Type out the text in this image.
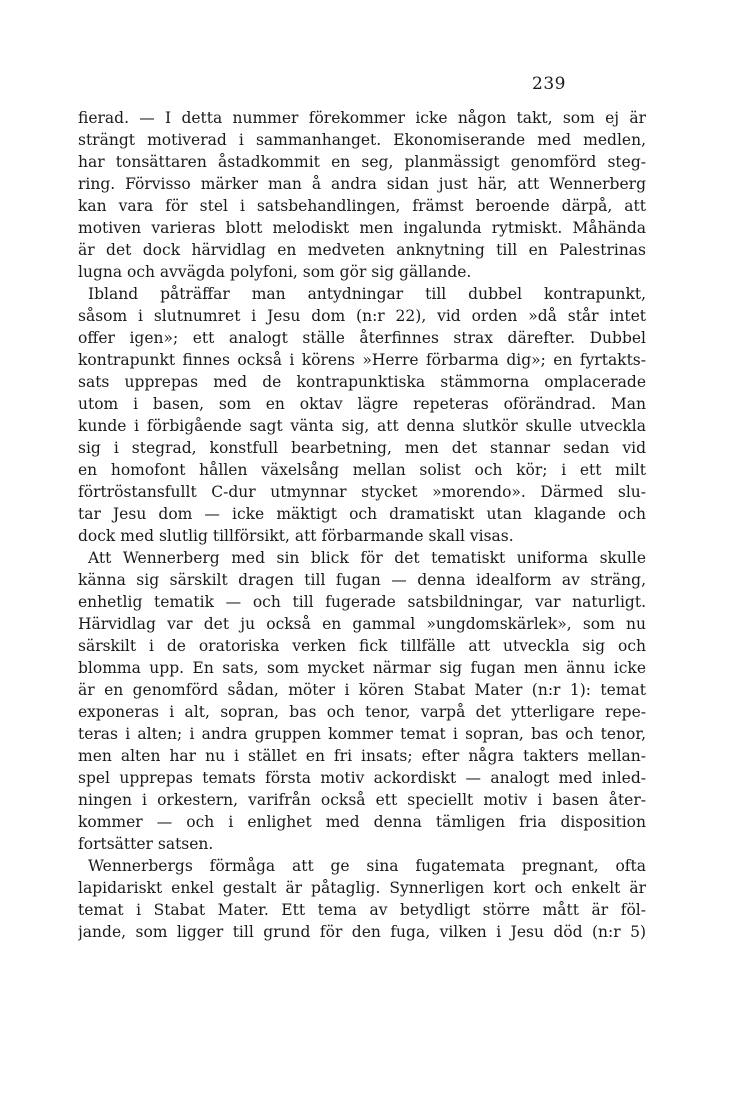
239
fierad. — I detta nummer förekommer icke någon takt, som ej är
strängt motiverad i sammanhanget. Ekonomiserande med medlen,
har tonsättaren åstadkommit en seg, planmässigt genomförd steg-
ring. Förvisso märker man å andra sidan just här, att Wennerberg
kan vara för stel i satsbehandlingen, främst beroende därpå, att
motiven varieras blott melodiskt men ingalunda rytmiskt. Måhända
är det dock härvidlag en medveten anknytning till en Palestrinas
lugna och avvägda polyfoni, som gör sig gällande.
Ibland påträffar man antydningar till dubbel kontrapunkt,
såsom i slutnumret i Jesu dom (n:r 22), vid orden »då står intet
offer igen»; ett analogt ställe återfinnes strax därefter. Dubbel
kontrapunkt finnes också i körens »Herre förbarma dig»; en fyrtakts-
sats upprepas med de kontrapunktiska stämmorna omplacerade
utom i basen, som en oktav lägre repeteras oförändrad. Man
kunde i förbigående sagt vänta sig, att denna slutkör skulle utveckla
sig i stegrad, konstfull bearbetning, men det stannar sedan vid
en homofont hållen växelsång mellan solist och kör; i ett milt
förtröstansfullt C-dur utmynnar stycket »morendo». Därmed slu-
tar Jesu dom — icke mäktigt och dramatiskt utan klagande och
dock med slutlig tillförsikt, att förbarmande skall visas.
Att Wennerberg med sin blick för det tematiskt uniforma skulle
känna sig särskilt dragen till fugan — denna idealform av sträng,
enhetlig tematik — och till fugerade satsbildningar, var naturligt.
Härvidlag var det ju också en gammal »ungdomskärlek», som nu
särskilt i de oratoriska verken fick tillfälle att utveckla sig och
blomma upp. En sats, som mycket närmar sig fugan men ännu icke
är en genomförd sådan, möter i kören Stabat Mater (n:r 1): temat
exponeras i alt, sopran, bas och tenor, varpå det ytterligare repe-
teras i alten; i andra gruppen kommer temat i sopran, bas och tenor,
men alten har nu i stället en fri insats; efter några takters mellan-
spel upprepas temats första motiv ackordiskt — analogt med inled-
ningen i orkestern, varifrån också ett speciellt motiv i basen åter-
kommer — och i enlighet med denna tämligen fria disposition
fortsätter satsen.
Wennerbergs förmåga att ge sina fugatemata pregnant, ofta
lapidariskt enkel gestalt är påtaglig. Synnerligen kort och enkelt är
temat i Stabat Mater. Ett tema av betydligt större mått är föl-
jande, som ligger till grund för den fuga, vilken i Jesu död (n:r 5)
